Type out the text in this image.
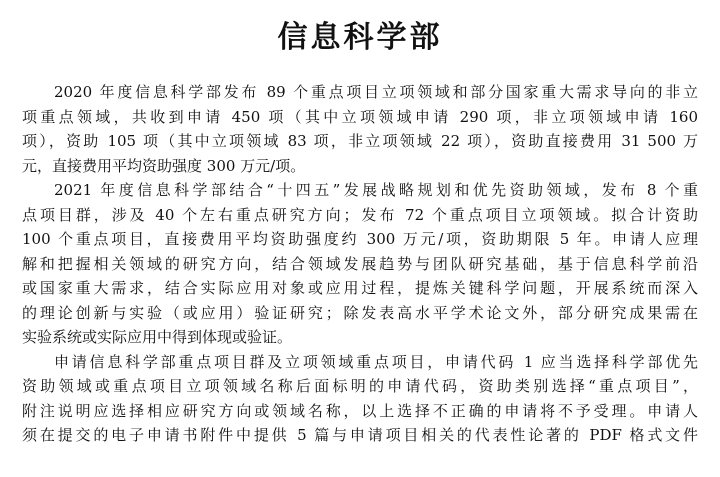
信息科学部
2020 年度信息科学部发布 89 个重点项目立项领域和部分国家重大需求导向的非立
项重点领域，共收到申请 450 项（其中立项领域申请 290 项，非立项领域申请 160
项），资助 105 项（其中立项领域 83 项，非立项领域 22 项），资助直接费用 31 500 万
元，直接费用平均资助强度 300 万元/项。
2021 年度信息科学部结合“十四五”发展战略规划和优先资助领域，发布 8 个重
点项目群，涉及 40 个左右重点研究方向；发布 72 个重点项目立项领域。拟合计资助
100 个重点项目，直接费用平均资助强度约 300 万元/项，资助期限 5 年。申请人应理
解和把握相关领域的研究方向，结合领域发展趋势与团队研究基础，基于信息科学前沿
或国家重大需求，结合实际应用对象或应用过程，提炼关键科学问题，开展系统而深入
的理论创新与实验（或应用）验证研究；除发表高水平学术论文外，部分研究成果需在
实验系统或实际应用中得到体现或验证。
申请信息科学部重点项目群及立项领域重点项目，申请代码 1 应当选择科学部优先
资助领域或重点项目立项领域名称后面标明的申请代码，资助类别选择“重点项目”，
附注说明应选择相应研究方向或领域名称，以上选择不正确的申请将不予受理。申请人
须在提交的电子申请书附件中提供 5 篇与申请项目相关的代表性论著的 PDF 格式文件
